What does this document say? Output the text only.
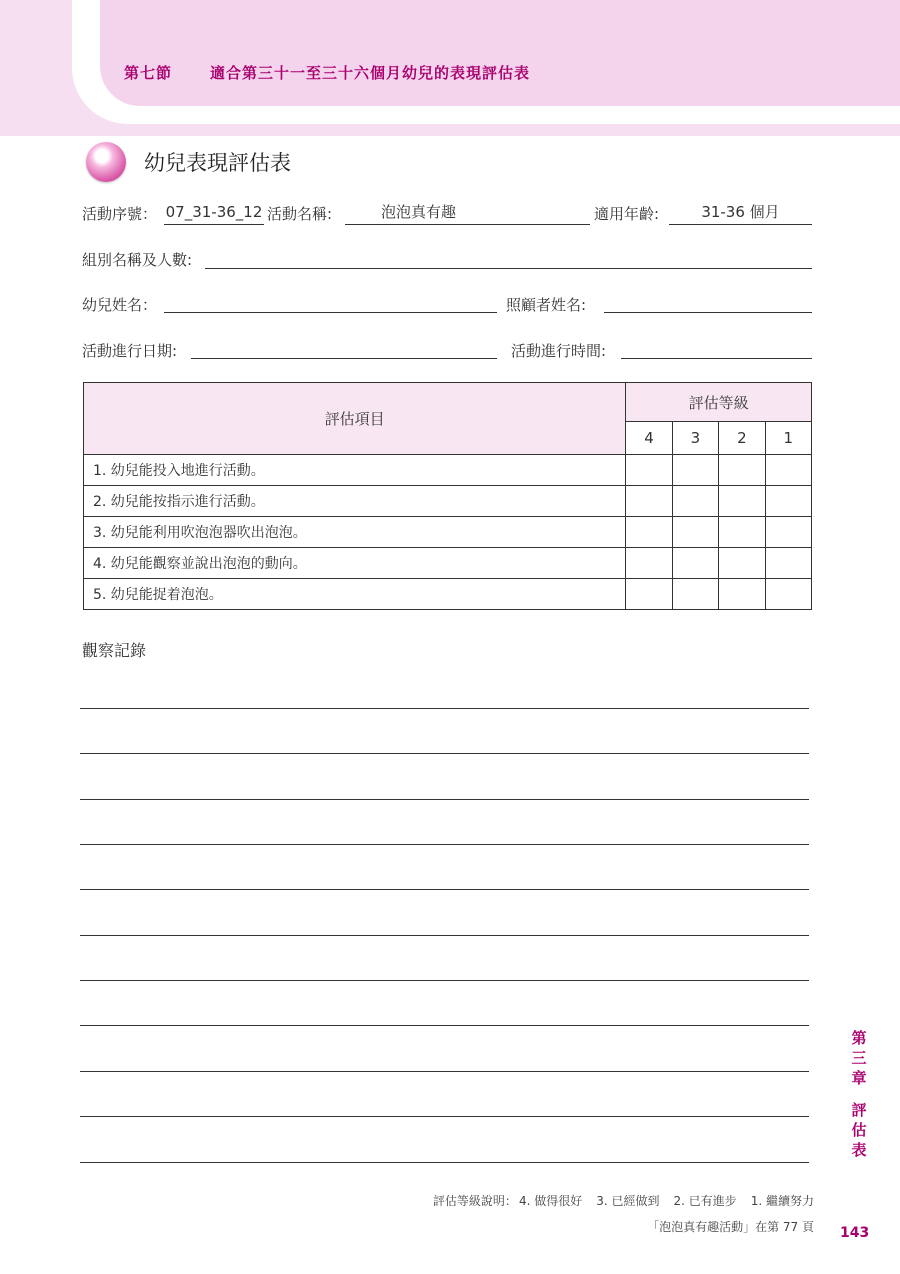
第七節	適合第三十一至三十六個月幼兒的表現評估表
幼兒表現評估表
活動序號： 07_31-36_12 活動名稱:	泡泡真有趣	適用年齡:	31-36 個月
組別名稱及人數:
幼兒姓名：	照顧者姓名:
活動進行日期:	活動進行時間:
評估項目	評估等級			
	4	3	2	1
1. 幼兒能投入地進行活動。				
2. 幼兒能按指示進行活動。				
3. 幼兒能利用吹泡泡器吹出泡泡。				
4. 幼兒能觀察並說出泡泡的動向。				
5. 幼兒能捉着泡泡。				
觀察記錄
第
三
章
評
估
表
評估等級說明： 4. 做得很好 3. 已經做到 2. 已有進步 1. 繼續努力
「泡泡真有趣活動」在第 77 頁 143
